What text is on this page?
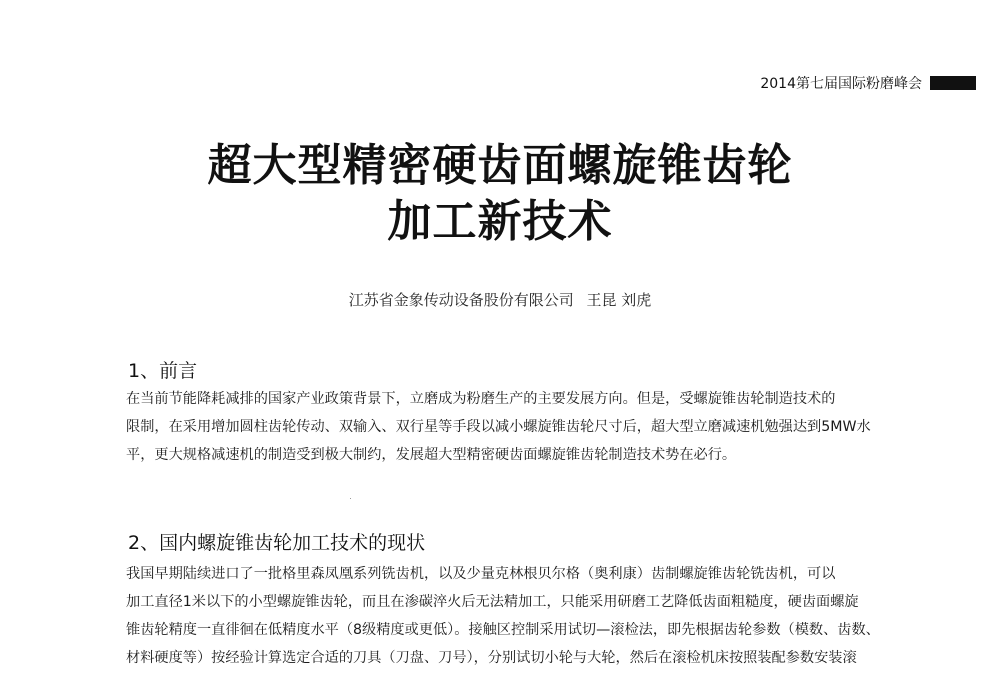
2014第七届国际粉磨峰会
超大型精密硬齿面螺旋锥齿轮
加工新技术
江苏省金象传动设备股份有限公司 王昆 刘虎
1、前言
在当前节能降耗减排的国家产业政策背景下，立磨成为粉磨生产的主要发展方向。但是，受螺旋锥齿轮制造技术的
限制，在采用增加圆柱齿轮传动、双输入、双行星等手段以减小螺旋锥齿轮尺寸后，超大型立磨减速机勉强达到5MW水
平，更大规格减速机的制造受到极大制约，发展超大型精密硬齿面螺旋锥齿轮制造技术势在必行。
2、国内螺旋锥齿轮加工技术的现状
我国早期陆续进口了一批格里森凤凰系列铣齿机，以及少量克林根贝尔格（奥利康）齿制螺旋锥齿轮铣齿机，可以
加工直径1米以下的小型螺旋锥齿轮，而且在渗碳淬火后无法精加工，只能采用研磨工艺降低齿面粗糙度，硬齿面螺旋
锥齿轮精度一直徘徊在低精度水平（8级精度或更低）。接触区控制采用试切—滚检法，即先根据齿轮参数（模数、齿数、
材料硬度等）按经验计算选定合适的刀具（刀盘、刀号），分别试切小轮与大轮，然后在滚检机床按照装配参数安装滚
